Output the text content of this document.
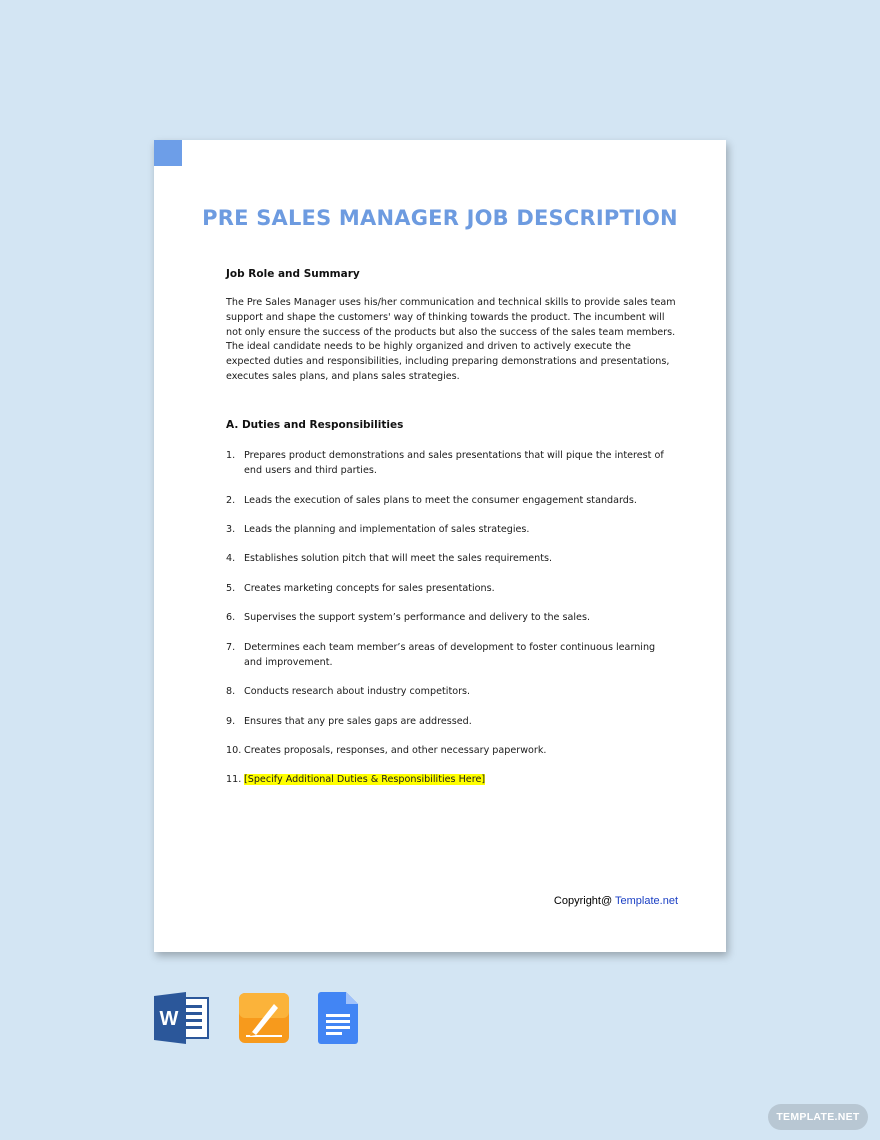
PRE SALES MANAGER JOB DESCRIPTION
Job Role and Summary
The Pre Sales Manager uses his/her communication and technical skills to provide sales team support and shape the customers' way of thinking towards the product. The incumbent will not only ensure the success of the products but also the success of the sales team members. The ideal candidate needs to be highly organized and driven to actively execute the expected duties and responsibilities, including preparing demonstrations and presentations, executes sales plans, and plans sales strategies.
A. Duties and Responsibilities
1. Prepares product demonstrations and sales presentations that will pique the interest of end users and third parties.
2. Leads the execution of sales plans to meet the consumer engagement standards.
3. Leads the planning and implementation of sales strategies.
4. Establishes solution pitch that will meet the sales requirements.
5. Creates marketing concepts for sales presentations.
6. Supervises the support system’s performance and delivery to the sales.
7. Determines each team member’s areas of development to foster continuous learning and improvement.
8. Conducts research about industry competitors.
9. Ensures that any pre sales gaps are addressed.
10. Creates proposals, responses, and other necessary paperwork.
11. [Specify Additional Duties & Responsibilities Here]
Copyright@ Template.net
W
TEMPLATE.NET
